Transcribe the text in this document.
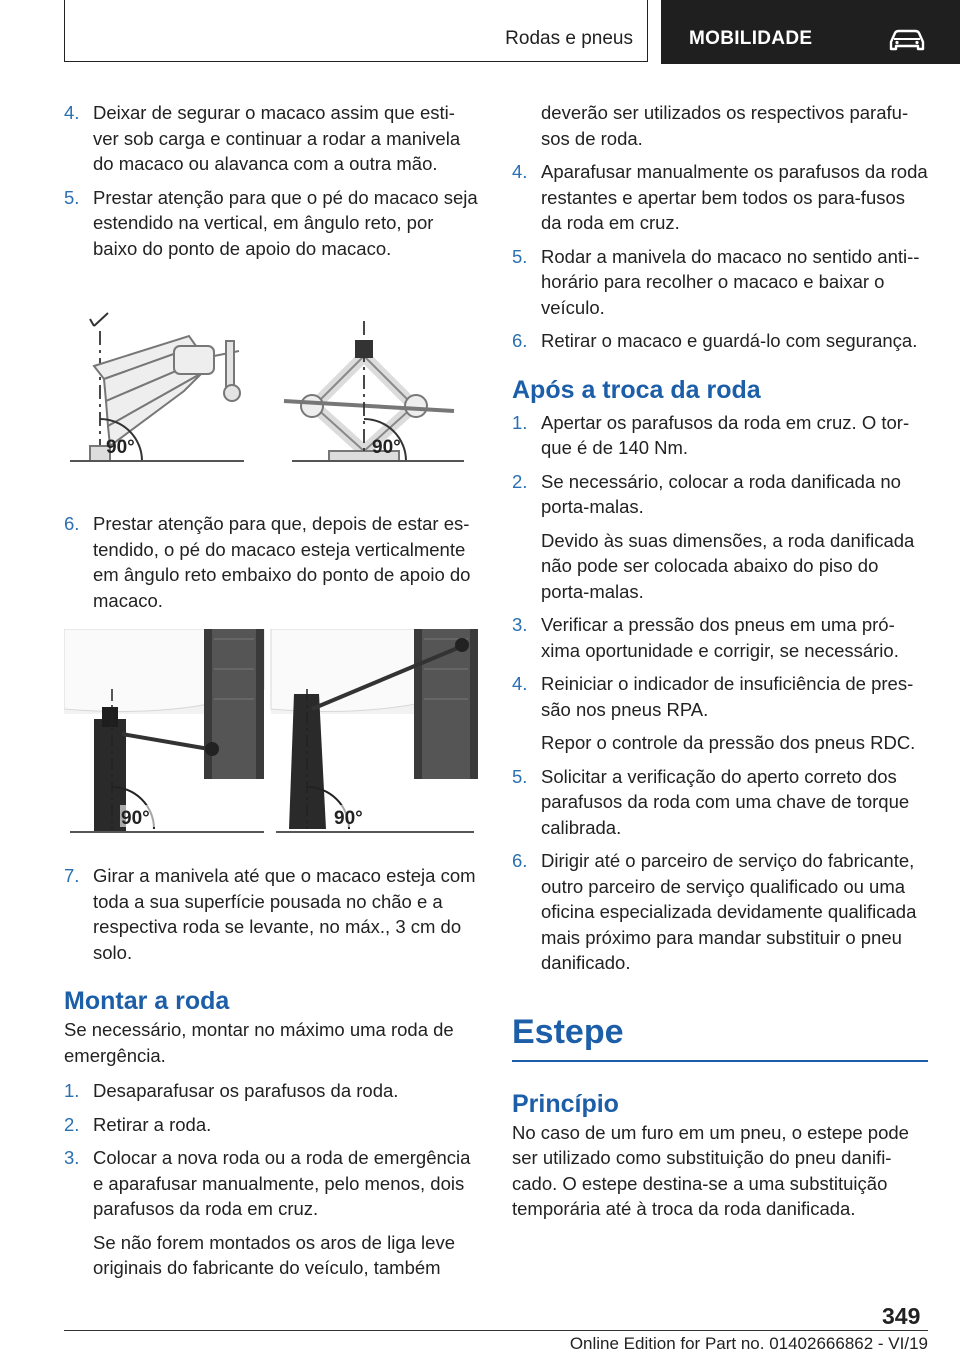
Rodas e pneus	MOBILIDADE
4. Deixar de segurar o macaco assim que esti-ver sob carga e continuar a rodar a manivela do macaco ou alavanca com a outra mão.
5. Prestar atenção para que o pé do macaco seja estendido na vertical, em ângulo reto, por baixo do ponto de apoio do macaco.
90°	90°
6. Prestar atenção para que, depois de estar es-tendido, o pé do macaco esteja verticalmente em ângulo reto embaixo do ponto de apoio do macaco.
90°	90°
7. Girar a manivela até que o macaco esteja com toda a sua superfície pousada no chão e a respectiva roda se levante, no máx., 3 cm do solo.
Montar a roda

Se necessário, montar no máximo uma roda de emergência.

1. Desaparafusar os parafusos da roda.
2. Retirar a roda.
3. Colocar a nova roda ou a roda de emergência e aparafusar manualmente, pelo menos, dois parafusos da roda em cruz.
Se não forem montados os aros de liga leve originais do fabricante do veículo, também

deverão ser utilizados os respectivos parafu-sos de roda.

4. Aparafusar manualmente os parafusos da roda restantes e apertar bem todos os para-fusos da roda em cruz.
5. Rodar a manivela do macaco no sentido anti--horário para recolher o macaco e baixar o veículo.
6. Retirar o macaco e guardá-lo com segurança.
Após a troca da roda
1. Apertar os parafusos da roda em cruz. O tor-que é de 140 Nm.
2. Se necessário, colocar a roda danificada no porta-malas.
Devido às suas dimensões, a roda danificada não pode ser colocada abaixo do piso do porta-malas.
3. Verificar a pressão dos pneus em uma pró-xima oportunidade e corrigir, se necessário.
4. Reiniciar o indicador de insuficiência de pres-são nos pneus RPA.
Repor o controle da pressão dos pneus RDC.
5. Solicitar a verificação do aperto correto dos parafusos da roda com uma chave de torque calibrada.
6. Dirigir até o parceiro de serviço do fabricante, outro parceiro de serviço qualificado ou uma oficina especializada devidamente qualificada mais próximo para mandar substituir o pneu danificado.
Estepe
Princípio

No caso de um furo em um pneu, o estepe pode ser utilizado como substituição do pneu danifi-cado. O estepe destina-se a uma substituição temporária até à troca da roda danificada.

349
Online Edition for Part no. 01402666862 - VI/19
